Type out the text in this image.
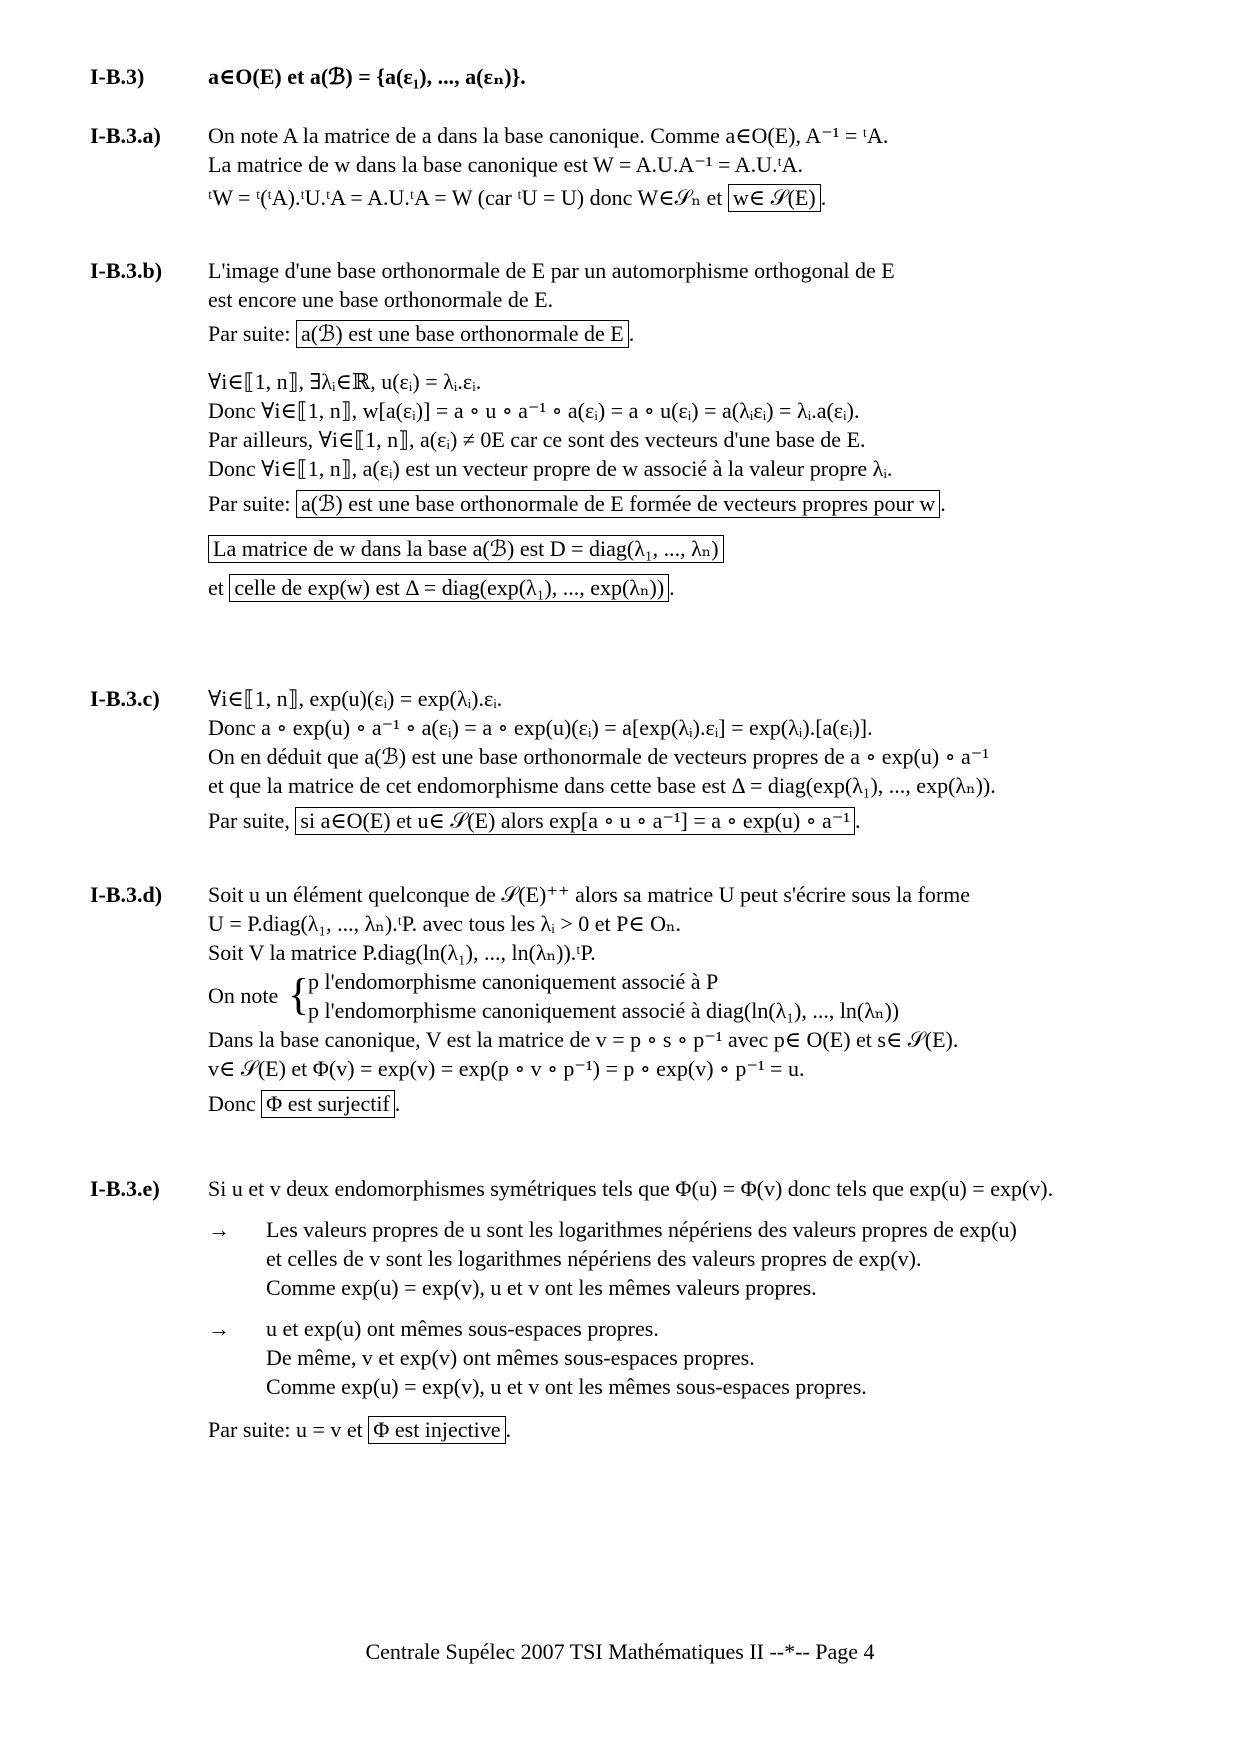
I-B.3)	a∈O(E) et a(ℬ) = {a(ε₁), ..., a(εₙ)}.
I-B.3.a) On note A la matrice de a dans la base canonique. Comme a∈O(E), A⁻¹ = ᵗA.
La matrice de w dans la base canonique est W = A.U.A⁻¹ = A.U.ᵗA.
ᵗW = ᵗ(ᵗA).ᵗU.ᵗA = A.U.ᵗA = W (car ᵗU = U) donc W∈𝒮ₙ et w∈ 𝒮(E) .
I-B.3.b) L'image d'une base orthonormale de E par un automorphisme orthogonal de E
est encore une base orthonormale de E.
Par suite: a(ℬ) est une base orthonormale de E .
∀i∈⟦1, n⟧, ∃λᵢ∈ℝ, u(εᵢ) = λᵢ.εᵢ.
Donc ∀i∈⟦1, n⟧, w[a(εᵢ)] = a ∘ u ∘ a⁻¹ ∘ a(εᵢ) = a ∘ u(εᵢ) = a(λᵢεᵢ) = λᵢ.a(εᵢ).
Par ailleurs, ∀i∈⟦1, n⟧, a(εᵢ) ≠ 0E car ce sont des vecteurs d'une base de E.
Donc ∀i∈⟦1, n⟧, a(εᵢ) est un vecteur propre de w associé à la valeur propre λᵢ.
Par suite: a(ℬ) est une base orthonormale de E formée de vecteurs propres pour w .
La matrice de w dans la base a(ℬ) est D = diag(λ₁, ..., λₙ)
et celle de exp(w) est Δ = diag(exp(λ₁), ..., exp(λₙ)) .
I-B.3.c) ∀i∈⟦1, n⟧, exp(u)(εᵢ) = exp(λᵢ).εᵢ.
Donc a ∘ exp(u) ∘ a⁻¹ ∘ a(εᵢ) = a ∘ exp(u)(εᵢ) = a[exp(λᵢ).εᵢ] = exp(λᵢ).[a(εᵢ)].
On en déduit que a(ℬ) est une base orthonormale de vecteurs propres de a ∘ exp(u) ∘ a⁻¹
et que la matrice de cet endomorphisme dans cette base est Δ = diag(exp(λ₁), ..., exp(λₙ)).
Par suite, si a∈O(E) et u∈ 𝒮(E) alors exp[a ∘ u ∘ a⁻¹] = a ∘ exp(u) ∘ a⁻¹ .
I-B.3.d) Soit u un élément quelconque de 𝒮(E)⁺⁺ alors sa matrice U peut s'écrire sous la forme
U = P.diag(λ₁, ..., λₙ).ᵗP. avec tous les λᵢ > 0 et P∈ Oₙ.
Soit V la matrice P.diag(ln(λ₁), ..., ln(λₙ)).ᵗP.
On note {
p l'endomorphisme canoniquement associé à P
p l'endomorphisme canoniquement associé à diag(ln(λ₁), ..., ln(λₙ))
Dans la base canonique, V est la matrice de v = p ∘ s ∘ p⁻¹ avec p∈ O(E) et s∈ 𝒮(E).
v∈ 𝒮(E) et Φ(v) = exp(v) = exp(p ∘ v ∘ p⁻¹) = p ∘ exp(v) ∘ p⁻¹ = u.
Donc Φ est surjectif .
I-B.3.e) Si u et v deux endomorphismes symétriques tels que Φ(u) = Φ(v) donc tels que exp(u) = exp(v).
→	Les valeurs propres de u sont les logarithmes népériens des valeurs propres de exp(u)
et celles de v sont les logarithmes népériens des valeurs propres de exp(v).
Comme exp(u) = exp(v), u et v ont les mêmes valeurs propres.
→	u et exp(u) ont mêmes sous-espaces propres.
De même, v et exp(v) ont mêmes sous-espaces propres.
Comme exp(u) = exp(v), u et v ont les mêmes sous-espaces propres.
Par suite: u = v et Φ est injective .
Centrale Supélec 2007 TSI Mathématiques II --*-- Page 4
